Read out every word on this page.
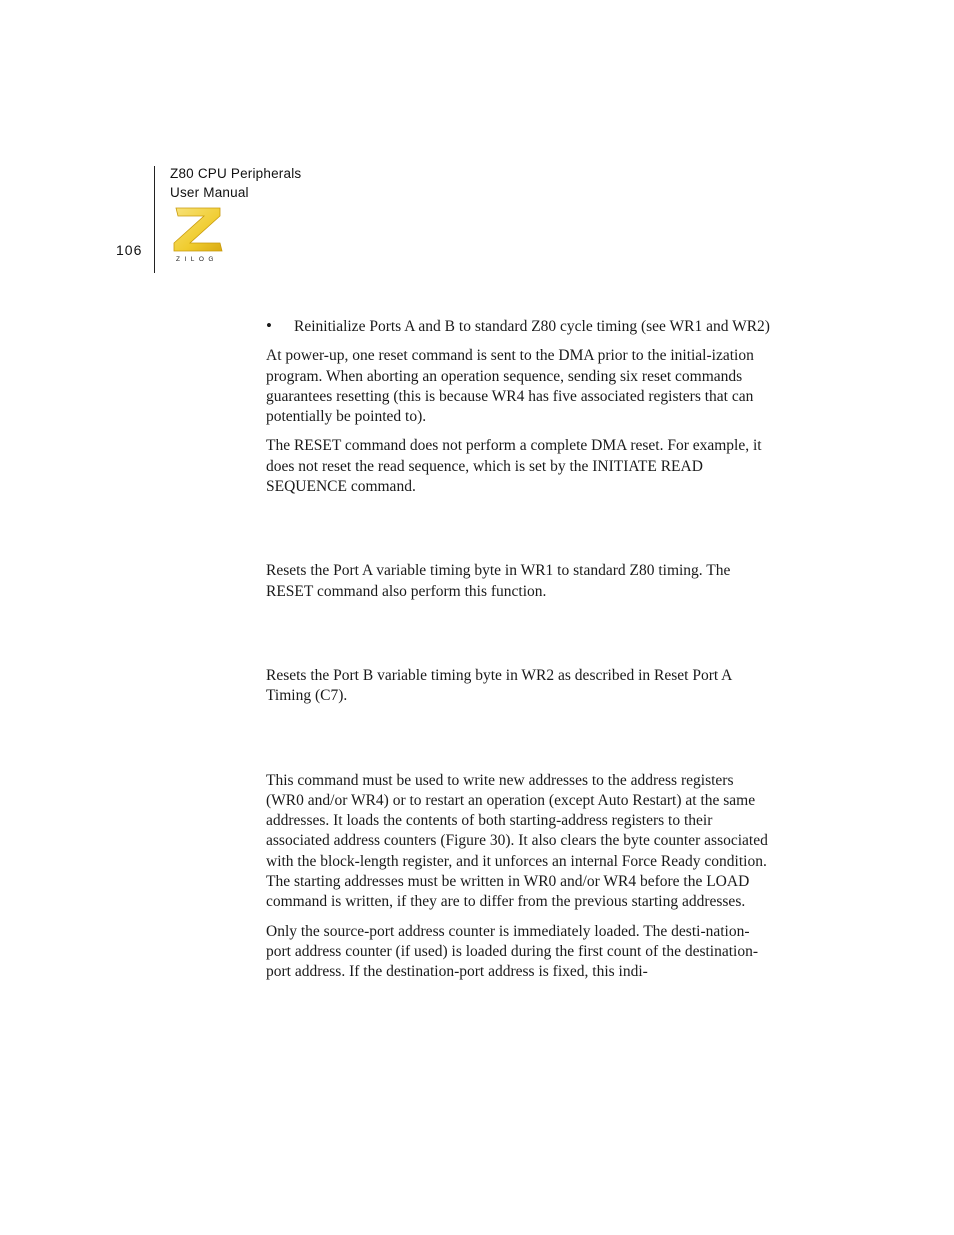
Z80 CPU Peripherals
User Manual
106
ZILOG
• Reinitialize Ports A and B to standard Z80 cycle timing (see WR1 and WR2)

At power-up, one reset command is sent to the DMA prior to the initial-ization program. When aborting an operation sequence, sending six reset commands guarantees resetting (this is because WR4 has five associated registers that can potentially be pointed to).

The RESET command does not perform a complete DMA reset. For example, it does not reset the read sequence, which is set by the INITIATE READ SEQUENCE command.

Resets the Port A variable timing byte in WR1 to standard Z80 timing. The RESET command also perform this function.

Resets the Port B variable timing byte in WR2 as described in Reset Port A Timing (C7).

This command must be used to write new addresses to the address registers (WR0 and/or WR4) or to restart an operation (except Auto Restart) at the same addresses. It loads the contents of both starting-address registers to their associated address counters (Figure 30). It also clears the byte counter associated with the block-length register, and it unforces an internal Force Ready condition. The starting addresses must be written in WR0 and/or WR4 before the LOAD command is written, if they are to differ from the previous starting addresses.

Only the source-port address counter is immediately loaded. The desti-nation-port address counter (if used) is loaded during the first count of the destination-port address. If the destination-port address is fixed, this indi-
